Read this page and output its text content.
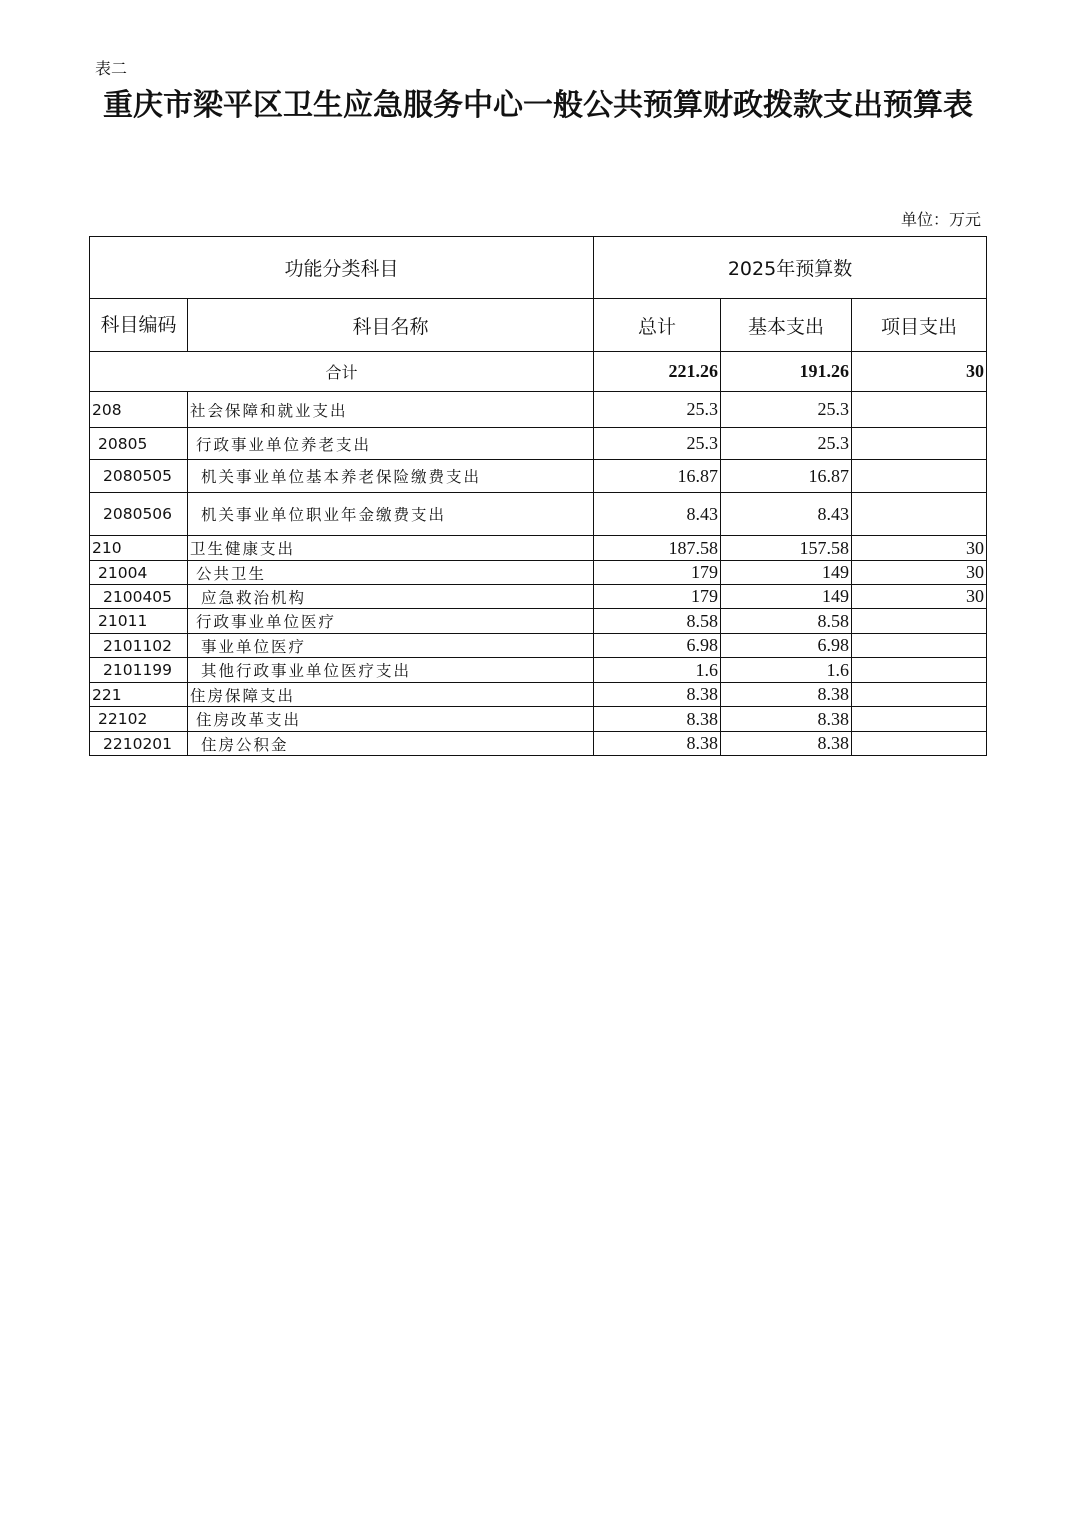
表二
重庆市梁平区卫生应急服务中心一般公共预算财政拨款支出预算表
单位：万元
功能分类科目		2025年预算数		
科目编码	科目名称	总计	基本支出	项目支出
合计		221.26	191.26	30
208	社会保障和就业支出	25.3	25.3	
20805	行政事业单位养老支出	25.3	25.3	
2080505	机关事业单位基本养老保险缴费支出	16.87	16.87	
2080506	机关事业单位职业年金缴费支出	8.43	8.43	
210	卫生健康支出	187.58	157.58	30
21004	公共卫生	179	149	30
2100405	应急救治机构	179	149	30
21011	行政事业单位医疗	8.58	8.58	
2101102	事业单位医疗	6.98	6.98	
2101199	其他行政事业单位医疗支出	1.6	1.6	
221	住房保障支出	8.38	8.38	
22102	住房改革支出	8.38	8.38	
2210201	住房公积金	8.38	8.38	
